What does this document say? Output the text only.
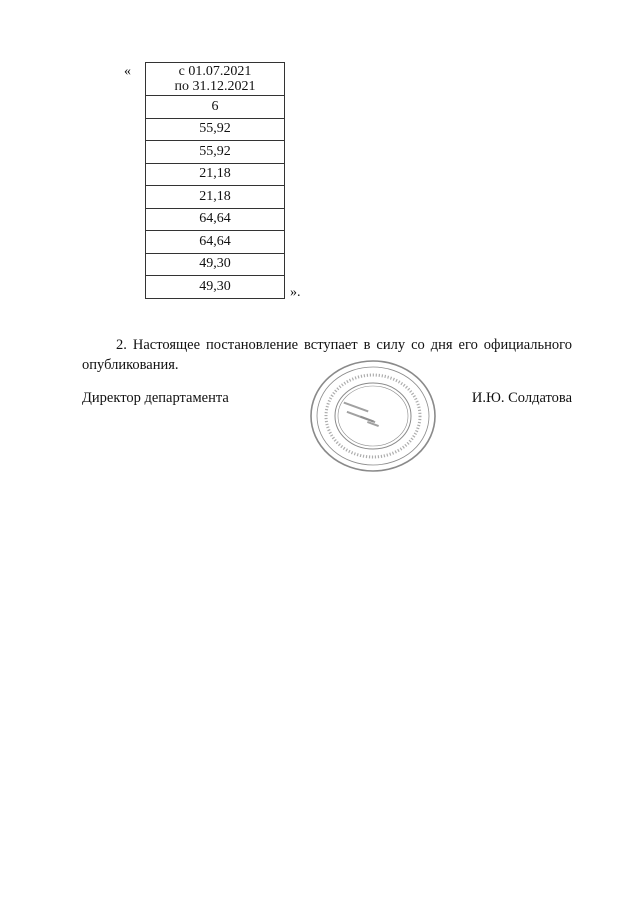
«	с 01.07.2021
по 31.12.2021

6
55,92
55,92
21,18
21,18
64,64
64,64
49,30
49,30	».

2. Настоящее постановление вступает в силу со дня его официального опубликования.

Директор департамента	И.Ю. Солдатова
